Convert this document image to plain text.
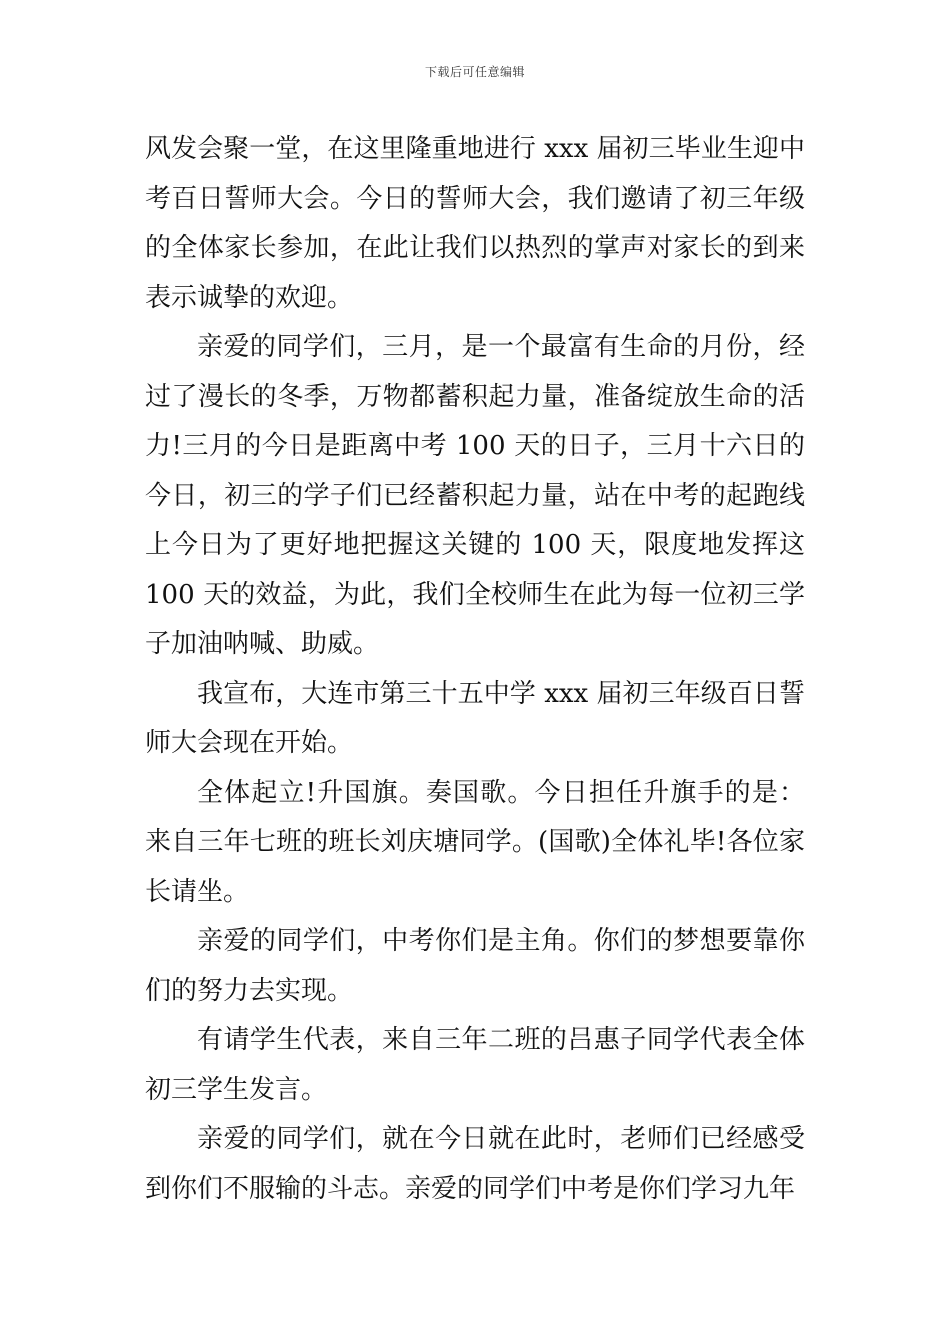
下载后可任意编辑

风发会聚一堂，在这里隆重地进行 xxx 届初三毕业生迎中考百日誓师大会。今日的誓师大会，我们邀请了初三年级的全体家长参加，在此让我们以热烈的掌声对家长的到来表示诚挚的欢迎。

亲爱的同学们，三月，是一个最富有生命的月份，经过了漫长的冬季，万物都蓄积起力量，准备绽放生命的活力!三月的今日是距离中考 100 天的日子，三月十六日的今日，初三的学子们已经蓄积起力量，站在中考的起跑线上今日为了更好地把握这关键的 100 天，限度地发挥这 100 天的效益，为此，我们全校师生在此为每一位初三学子加油呐喊、助威。

我宣布，大连市第三十五中学 xxx 届初三年级百日誓师大会现在开始。

全体起立!升国旗。奏国歌。今日担任升旗手的是：来自三年七班的班长刘庆塘同学。(国歌)全体礼毕!各位家长请坐。

亲爱的同学们，中考你们是主角。你们的梦想要靠你们的努力去实现。

有请学生代表，来自三年二班的吕惠子同学代表全体初三学生发言。

亲爱的同学们，就在今日就在此时，老师们已经感受到你们不服输的斗志。亲爱的同学们中考是你们学习九年
